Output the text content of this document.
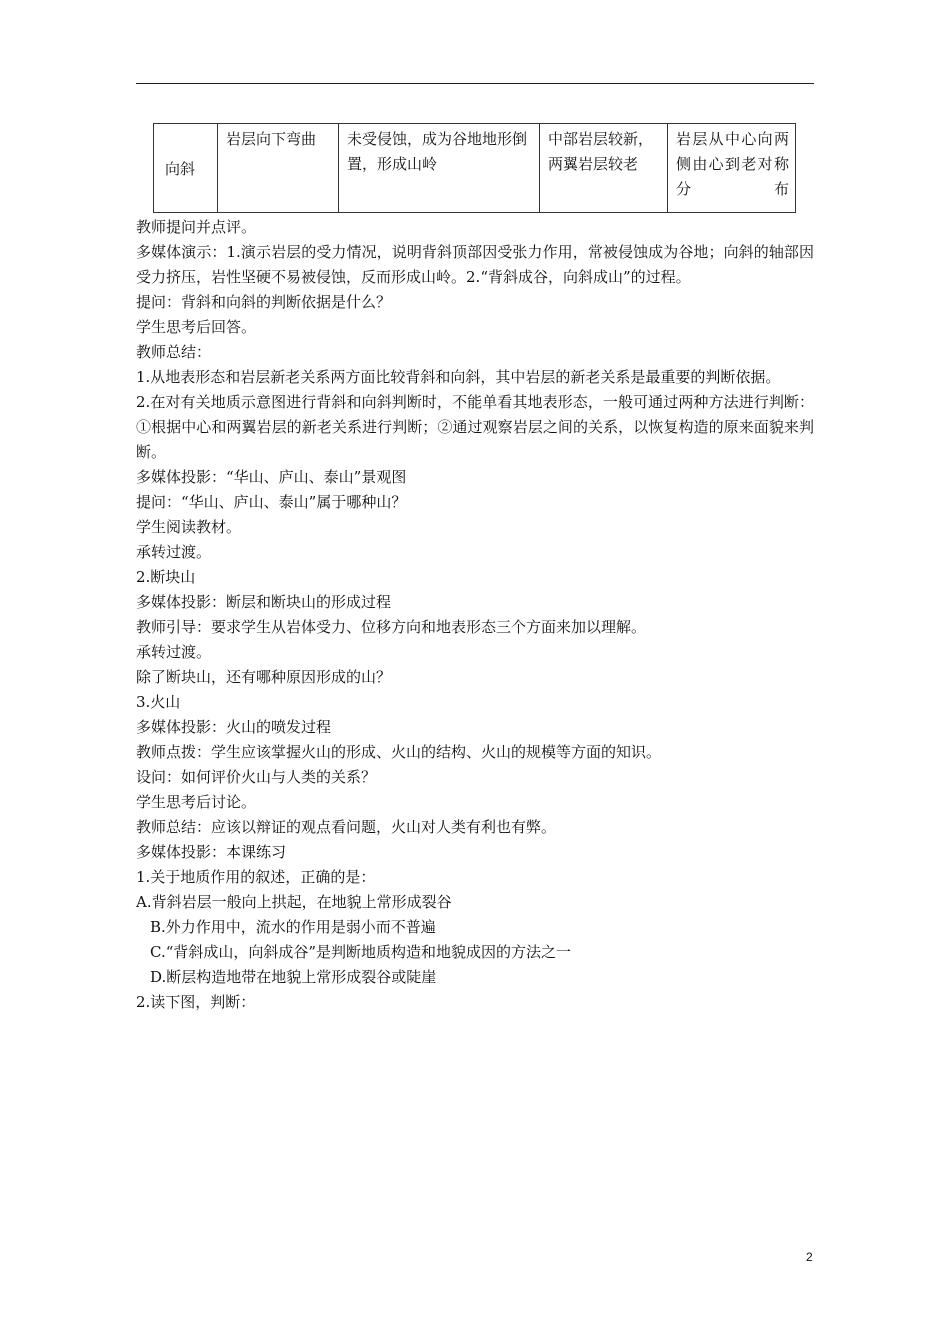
向斜	岩层向下弯曲	未受侵蚀，成为谷地地形倒置，形成山岭	中部岩层较新，两翼岩层较老	岩层从中心向两侧由心到老对称分布

教师提问并点评。

多媒体演示：1.演示岩层的受力情况，说明背斜顶部因受张力作用，常被侵蚀成为谷地；向斜的轴部因受力挤压，岩性坚硬不易被侵蚀，反而形成山岭。2.“背斜成谷，向斜成山”的过程。

提问：背斜和向斜的判断依据是什么？

学生思考后回答。

教师总结：

1.从地表形态和岩层新老关系两方面比较背斜和向斜，其中岩层的新老关系是最重要的判断依据。

2.在对有关地质示意图进行背斜和向斜判断时，不能单看其地表形态，一般可通过两种方法进行判断：①根据中心和两翼岩层的新老关系进行判断；②通过观察岩层之间的关系，以恢复构造的原来面貌来判断。

多媒体投影：“华山、庐山、泰山”景观图

提问：“华山、庐山、泰山”属于哪种山？

学生阅读教材。

承转过渡。

2.断块山

多媒体投影：断层和断块山的形成过程

教师引导：要求学生从岩体受力、位移方向和地表形态三个方面来加以理解。

承转过渡。

除了断块山，还有哪种原因形成的山？

3.火山

多媒体投影：火山的喷发过程

教师点拨：学生应该掌握火山的形成、火山的结构、火山的规模等方面的知识。

设问：如何评价火山与人类的关系？

学生思考后讨论。

教师总结：应该以辩证的观点看问题，火山对人类有利也有弊。

多媒体投影：本课练习

1.关于地质作用的叙述，正确的是：

A.背斜岩层一般向上拱起，在地貌上常形成裂谷

B.外力作用中，流水的作用是弱小而不普遍

C.“背斜成山，向斜成谷”是判断地质构造和地貌成因的方法之一

D.断层构造地带在地貌上常形成裂谷或陡崖

2.读下图，判断：

2
